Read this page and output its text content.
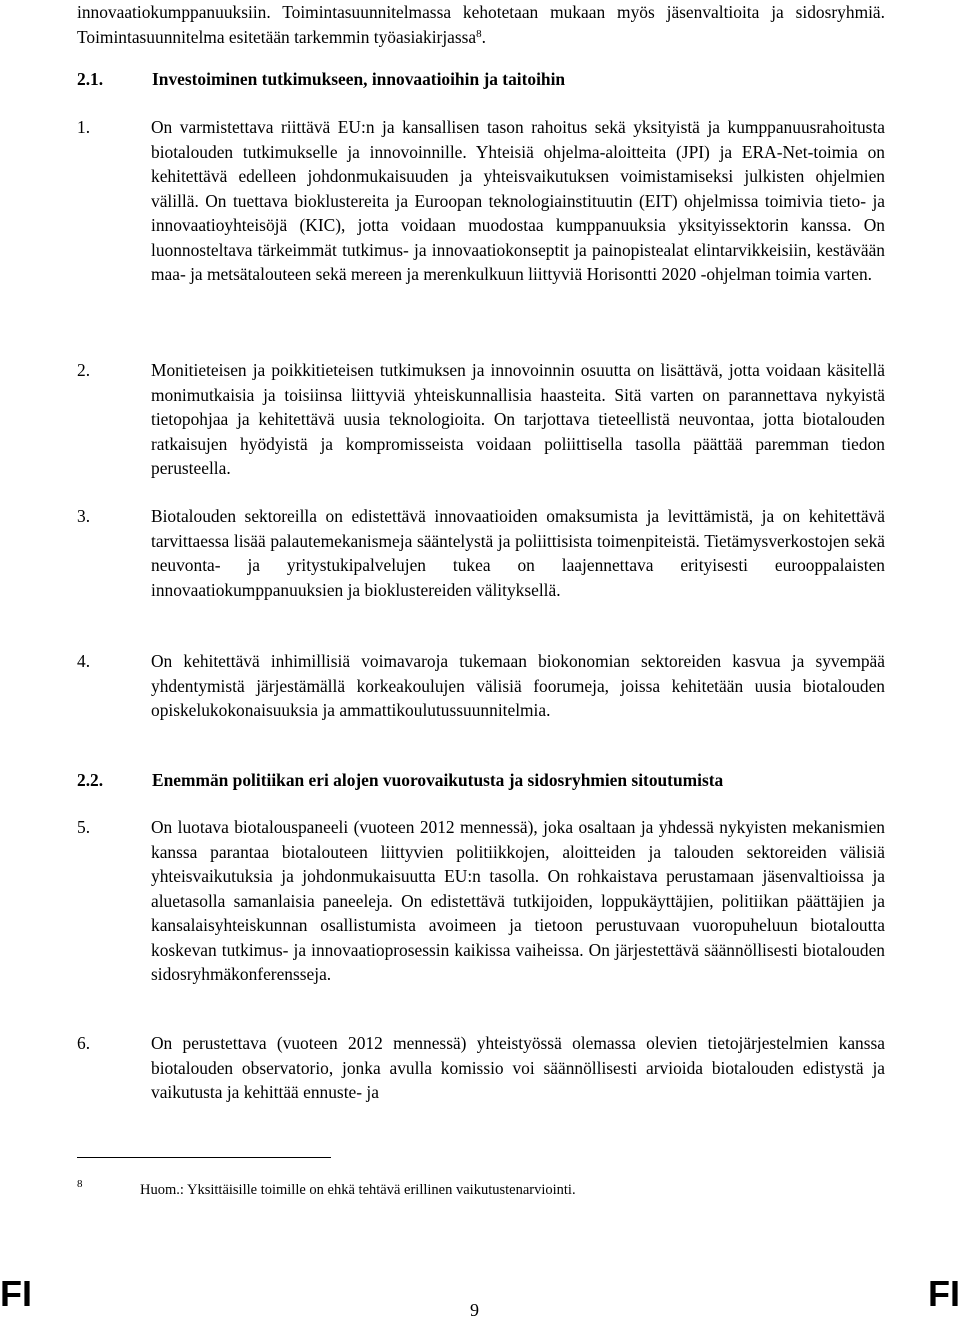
innovaatiokumppanuuksiin. Toimintasuunnitelmassa kehotetaan mukaan myös jäsenvaltioita ja sidosryhmiä. Toimintasuunnitelma esitetään tarkemmin työasiakirjassa$^8$.

2.1.	Investoiminen tutkimukseen, innovaatioihin ja taitoihin
1.	On varmistettava riittävä EU:n ja kansallisen tason rahoitus sekä yksityistä ja kumppanuusrahoitusta biotalouden tutkimukselle ja innovoinnille. Yhteisiä ohjelma-aloitteita (JPI) ja ERA-Net-toimia on kehitettävä edelleen johdonmukaisuuden ja yhteisvaikutuksen voimistamiseksi julkisten ohjelmien välillä. On tuettava bioklustereita ja Euroopan teknologiainstituutin (EIT) ohjelmissa toimivia tieto- ja innovaatioyhteisöjä (KIC), jotta voidaan muodostaa kumppanuuksia yksityissektorin kanssa. On luonnosteltava tärkeimmät tutkimus- ja innovaatiokonseptit ja painopistealat elintarvikkeisiin, kestävään maa- ja metsätalouteen sekä mereen ja merenkulkuun liittyviä Horisontti 2020 -ohjelman toimia varten.
2.	Monitieteisen ja poikkitieteisen tutkimuksen ja innovoinnin osuutta on lisättävä, jotta voidaan käsitellä monimutkaisia ja toisiinsa liittyviä yhteiskunnallisia haasteita. Sitä varten on parannettava nykyistä tietopohjaa ja kehitettävä uusia teknologioita. On tarjottava tieteellistä neuvontaa, jotta biotalouden ratkaisujen hyödyistä ja kompromisseista voidaan poliittisella tasolla päättää paremman tiedon perusteella.
3.	Biotalouden sektoreilla on edistettävä innovaatioiden omaksumista ja levittämistä, ja on kehitettävä tarvittaessa lisää palautemekanismeja sääntelystä ja poliittisista toimenpiteistä. Tietämysverkostojen sekä neuvonta- ja yritystukipalvelujen tukea on laajennettava erityisesti eurooppalaisten innovaatiokumppanuuksien ja bioklustereiden välityksellä.
4.	On kehitettävä inhimillisiä voimavaroja tukemaan biokonomian sektoreiden kasvua ja syvempää yhdentymistä järjestämällä korkeakoulujen välisiä foorumeja, joissa kehitetään uusia biotalouden opiskelukokonaisuuksia ja ammattikoulutussuunnitelmia.
2.2.	Enemmän politiikan eri alojen vuorovaikutusta ja sidosryhmien sitoutumista
5.	On luotava biotalouspaneeli (vuoteen 2012 mennessä), joka osaltaan ja yhdessä nykyisten mekanismien kanssa parantaa biotalouteen liittyvien politiikkojen, aloitteiden ja talouden sektoreiden välisiä yhteisvaikutuksia ja johdonmukaisuutta EU:n tasolla. On rohkaistava perustamaan jäsenvaltioissa ja aluetasolla samanlaisia paneeleja. On edistettävä tutkijoiden, loppukäyttäjien, politiikan päättäjien ja kansalaisyhteiskunnan osallistumista avoimeen ja tietoon perustuvaan vuoropuheluun biotaloutta koskevan tutkimus- ja innovaatioprosessin kaikissa vaiheissa. On järjestettävä säännöllisesti biotalouden sidosryhmäkonferensseja.
6.	On perustettava (vuoteen 2012 mennessä) yhteistyössä olemassa olevien tietojärjestelmien kanssa biotalouden observatorio, jonka avulla komissio voi säännöllisesti arvioida biotalouden edistystä ja vaikutusta ja kehittää ennuste- ja
8	Huom.: Yksittäisille toimille on ehkä tehtävä erillinen vaikutustenarviointi.
FI	9	FI
